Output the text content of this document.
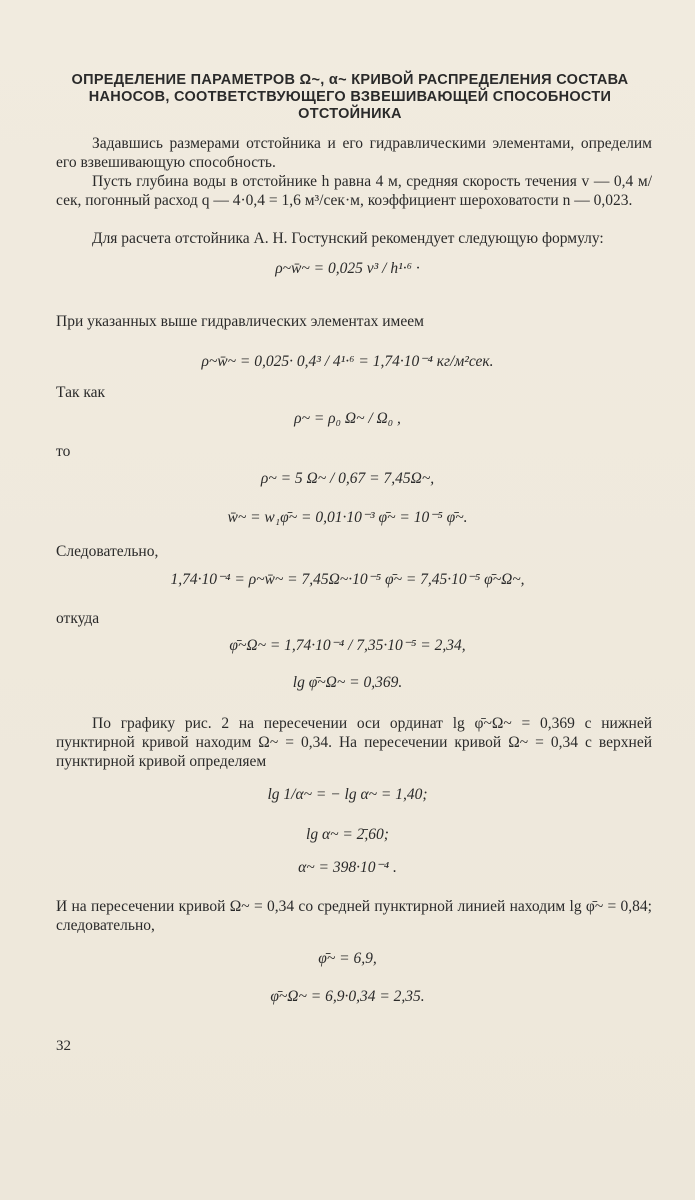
ОПРЕДЕЛЕНИЕ ПАРАМЕТРОВ Ω~, α~ КРИВОЙ РАСПРЕДЕЛЕНИЯ СОСТАВА

НАНОСОВ, СООТВЕТСТВУЮЩЕГО ВЗВЕШИВАЮЩЕЙ СПОСОБНОСТИ

ОТСТОЙНИКА

Задавшись размерами отстойника и его гидравлическими элементами, определим его взвешивающую способность.

Пусть глубина воды в отстойнике h равна 4 м, средняя скорость течения v — 0,4 м/сек, погонный расход q — 4·0,4 = 1,6 м³/сек·м, коэффициент шероховатости n — 0,023.

Для расчета отстойника А. Н. Гостунский рекомендует следующую формулу:

ρ~w̄~ = 0,025 v³ / h¹·⁶ ·

При указанных выше гидравлических элементах имеем

ρ~w̄~ = 0,025· 0,4³ / 4¹·⁶ = 1,74·10⁻⁴ кг/м²сек.

Так как

ρ~ = ρ₀ Ω~ / Ω₀ ,

то

ρ~ = 5 Ω~ / 0,67 = 7,45Ω~,

w̄~ = w₁φ̄~ = 0,01·10⁻³ φ̄~ = 10⁻⁵ φ̄~.

Следовательно,

1,74·10⁻⁴ = ρ~w̄~ = 7,45Ω~·10⁻⁵ φ̄~ = 7,45·10⁻⁵ φ̄~Ω~,

откуда

φ̄~Ω~ = 1,74·10⁻⁴ / 7,35·10⁻⁵ = 2,34,

lg φ̄~Ω~ = 0,369.

По графику рис. 2 на пересечении оси ординат lg φ̄~Ω~ = 0,369 с нижней пунктирной кривой находим Ω~ = 0,34. На пересечении кривой Ω~ = 0,34 с верхней пунктирной кривой определяем

lg 1/α~ = − lg α~ = 1,40;

lg α~ = 2̄,60;

α~ = 398·10⁻⁴ .

И на пересечении кривой Ω~ = 0,34 со средней пунктирной линией находим lg φ̄~ = 0,84; следовательно,

φ̄~ = 6,9,

φ̄~Ω~ = 6,9·0,34 = 2,35.

32
